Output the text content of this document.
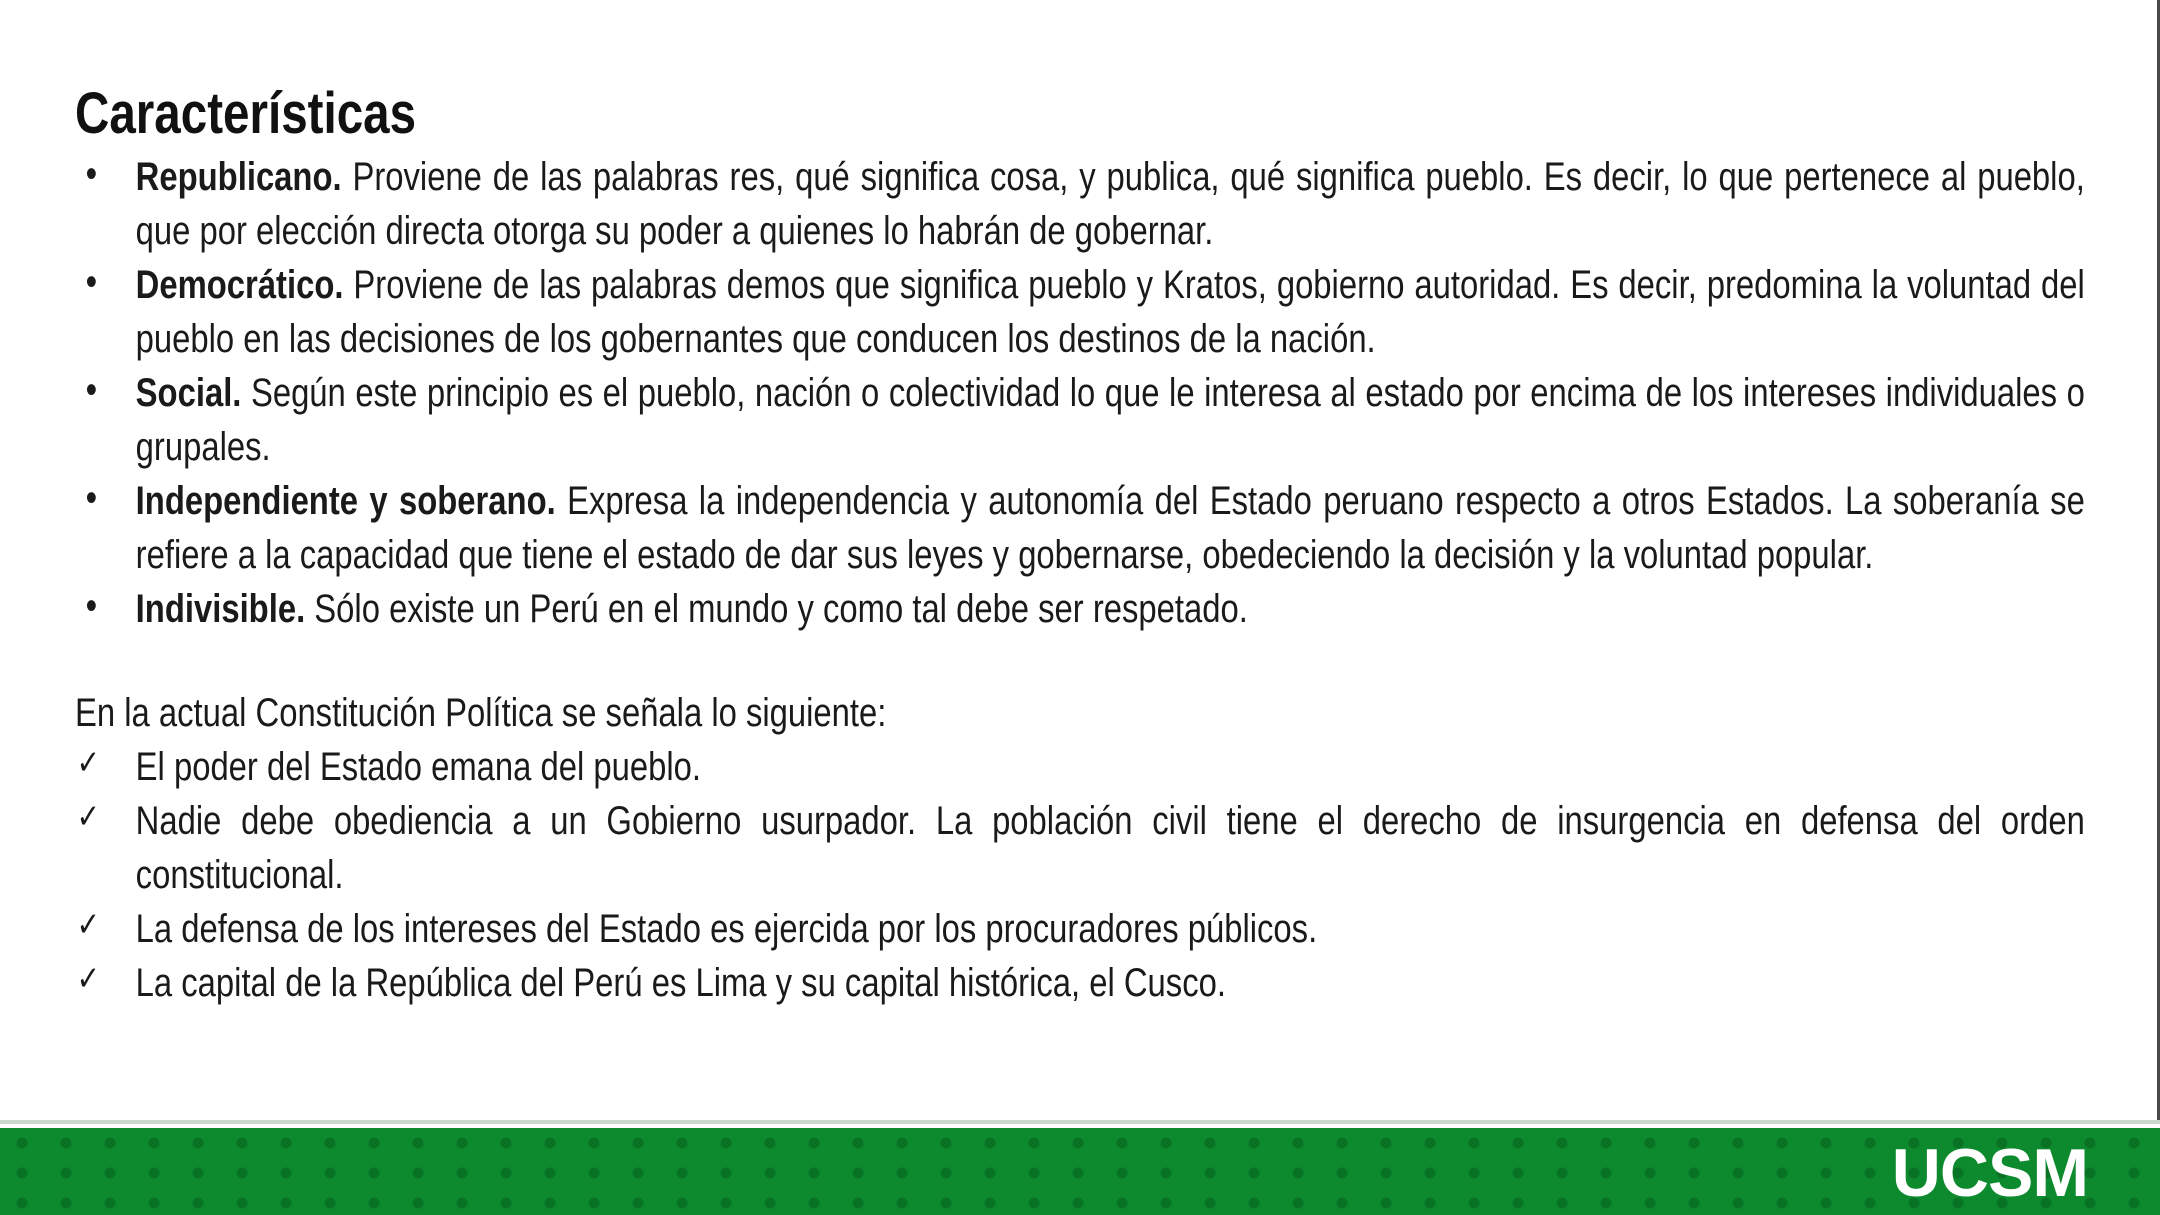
Características
• Republicano. Proviene de las palabras res, qué significa cosa, y publica, qué significa pueblo. Es decir, lo que pertenece al pueblo, que por elección directa otorga su poder a quienes lo habrán de gobernar.
• Democrático. Proviene de las palabras demos que significa pueblo y Kratos, gobierno autoridad. Es decir, predomina la voluntad del pueblo en las decisiones de los gobernantes que conducen los destinos de la nación.
• Social. Según este principio es el pueblo, nación o colectividad lo que le interesa al estado por encima de los intereses individuales o grupales.
• Independiente y soberano. Expresa la independencia y autonomía del Estado peruano respecto a otros Estados. La soberanía se refiere a la capacidad que tiene el estado de dar sus leyes y gobernarse, obedeciendo la decisión y la voluntad popular.
• Indivisible. Sólo existe un Perú en el mundo y como tal debe ser respetado.

En la actual Constitución Política se señala lo siguiente:

✓ El poder del Estado emana del pueblo.
✓ Nadie debe obediencia a un Gobierno usurpador. La población civil tiene el derecho de insurgencia en defensa del orden constitucional.
✓ La defensa de los intereses del Estado es ejercida por los procuradores públicos.
✓ La capital de la República del Perú es Lima y su capital histórica, el Cusco.
UCSM
